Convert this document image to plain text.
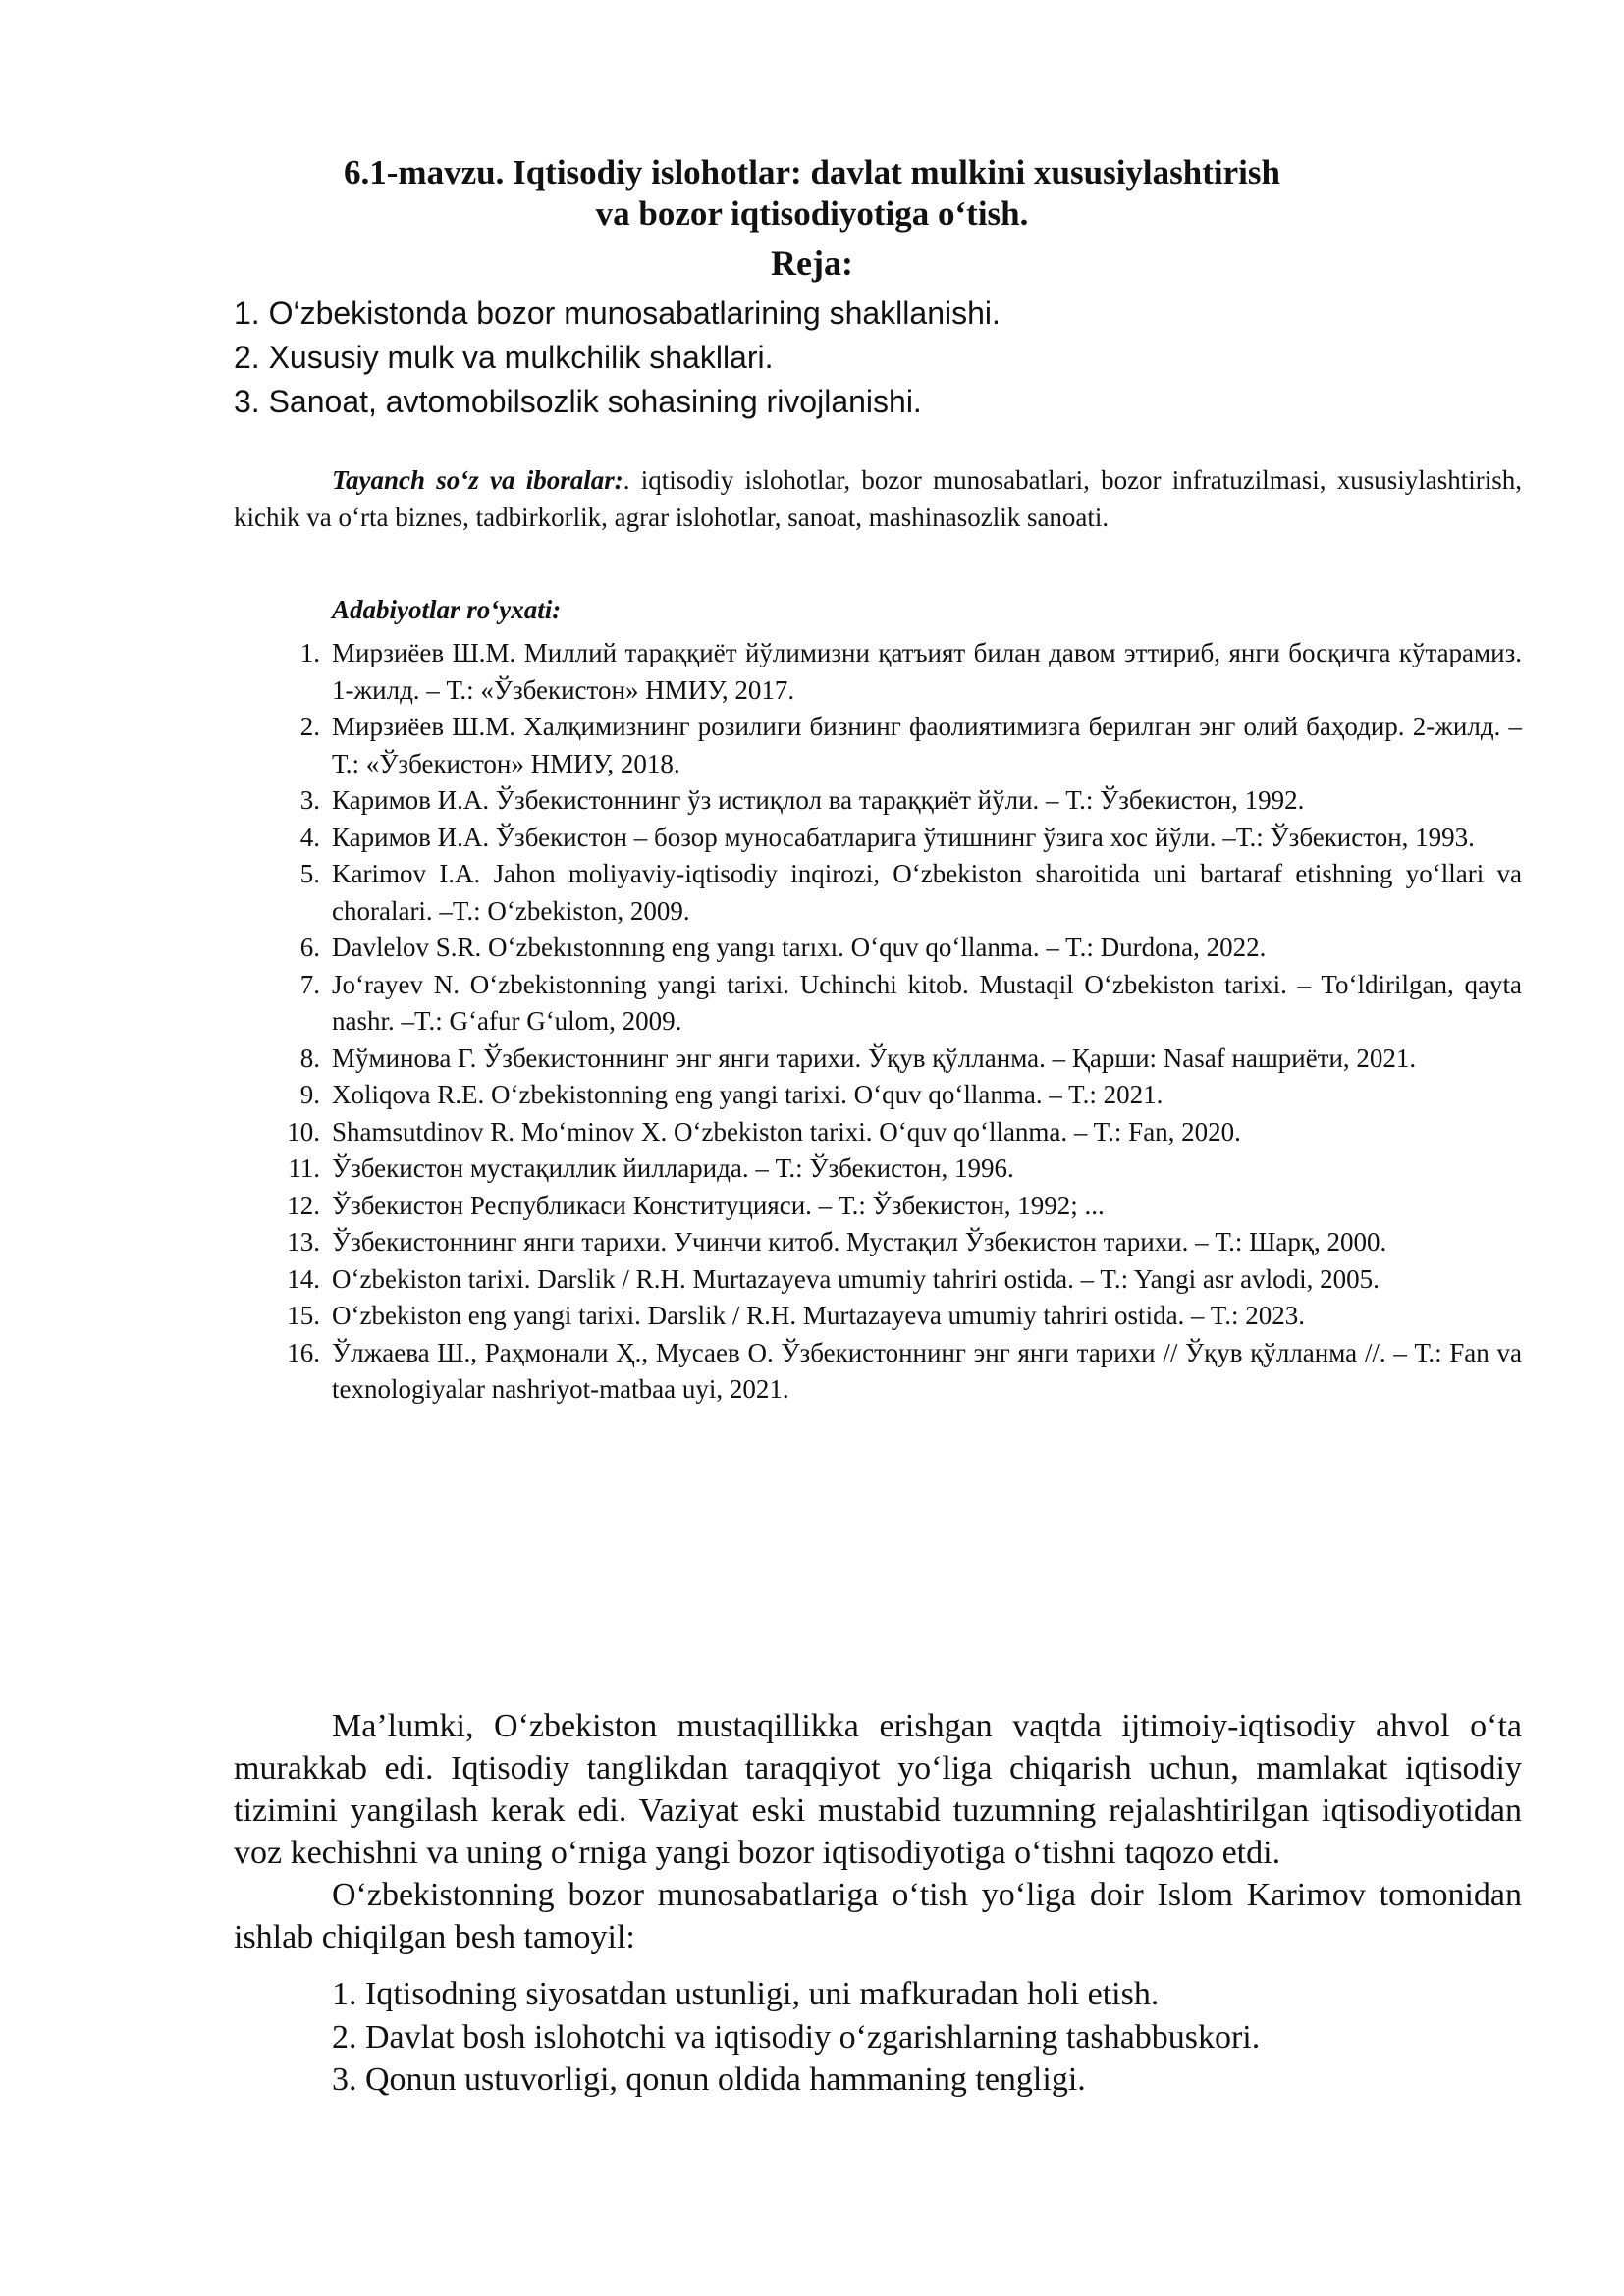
6.1-mavzu. Iqtisodiy islohotlar: davlat mulkini xususiylashtirish
va bozor iqtisodiyotiga o‘tish.
Reja:
1. O‘zbekistonda bozor munosabatlarining shakllanishi.
2. Xususiy mulk va mulkchilik shakllari.
3. Sanoat, avtomobilsozlik sohasining rivojlanishi.

Tayanch so‘z va iboralar:. iqtisodiy islohotlar, bozor munosabatlari, bozor infratuzilmasi, xususiylashtirish, kichik va o‘rta biznes, tadbirkorlik, agrar islohotlar, sanoat, mashinasozlik sanoati.

Adabiyotlar ro‘yxati:
1. Мирзиёев Ш.М. Миллий тараққиёт йўлимизни қатъият билан давом эттириб, янги босқичга кўтарамиз. 1-жилд. – Т.: «Ўзбекистон» НМИУ, 2017.
2. Мирзиёев Ш.М. Халқимизнинг розилиги бизнинг фаолиятимизга берилган энг олий баҳодир. 2-жилд. – Т.: «Ўзбекистон» НМИУ, 2018.
3. Каримов И.А. Ўзбекистоннинг ўз истиқлол ва тараққиёт йўли. – Т.: Ўзбекистон, 1992.
4. Каримов И.А. Ўзбекистон – бозор муносабатларига ўтишнинг ўзига хос йўли. –Т.: Ўзбекистон, 1993.
5. Karimov I.A. Jahon moliyaviy-iqtisodiy inqirozi, O‘zbekiston sharoitida uni bartaraf etishning yo‘llari va choralari. –T.: O‘zbekiston, 2009.
6. Davlelov S.R. O‘zbekıstonnıng eng yangı tarıxı. O‘quv qo‘llanma. – T.: Durdona, 2022.
7. Jo‘rayev N. O‘zbekistonning yangi tarixi. Uchinchi kitob. Mustaqil O‘zbekiston tarixi. – To‘ldirilgan, qayta nashr. –T.: G‘afur G‘ulom, 2009.
8. Мўминова Г. Ўзбекистоннинг энг янги тарихи. Ўқув қўлланма. – Қарши: Nasaf нашриёти, 2021.
9. Xoliqova R.E. O‘zbekistonning eng yangi tarixi. O‘quv qo‘llanma. – T.: 2021.
10. Shamsutdinov R. Mo‘minov X. O‘zbekiston tarixi. O‘quv qo‘llanma. – T.: Fan, 2020.
11. Ўзбекистон мустақиллик йилларида. – Т.: Ўзбекистон, 1996.
12. Ўзбекистон Республикаси Конституцияси. – Т.: Ўзбекистон, 1992; ...
13. Ўзбекистоннинг янги тарихи. Учинчи китоб. Мустақил Ўзбекистон тарихи. – Т.: Шарқ, 2000.
14. O‘zbekiston tarixi. Darslik / R.H. Murtazayeva umumiy tahriri ostida. – T.: Yangi asr avlodi, 2005.
15. O‘zbekiston eng yangi tarixi. Darslik / R.H. Murtazayeva umumiy tahriri ostida. – T.: 2023.
16. Ўлжаева Ш., Раҳмонали Ҳ., Мусаев О. Ўзбекистоннинг энг янги тарихи // Ўқув қўлланма //. – Т.: Fan va texnologiyalar nashriyot-matbaa uyi, 2021.

Ma’lumki, O‘zbekiston mustaqillikka erishgan vaqtda ijtimoiy-iqtisodiy ahvol o‘ta murakkab edi. Iqtisodiy tanglikdan taraqqiyot yo‘liga chiqarish uchun, mamlakat iqtisodiy tizimini yangilash kerak edi. Vaziyat eski mustabid tuzumning rejalashtirilgan iqtisodiyotidan voz kechishni va uning o‘rniga yangi bozor iqtisodiyotiga o‘tishni taqozo etdi.

O‘zbekistonning bozor munosabatlariga o‘tish yo‘liga doir Islom Karimov tomonidan ishlab chiqilgan besh tamoyil:

1. Iqtisodning siyosatdan ustunligi, uni mafkuradan holi etish.
2. Davlat bosh islohotchi va iqtisodiy o‘zgarishlarning tashabbuskori.
3. Qonun ustuvorligi, qonun oldida hammaning tengligi.
